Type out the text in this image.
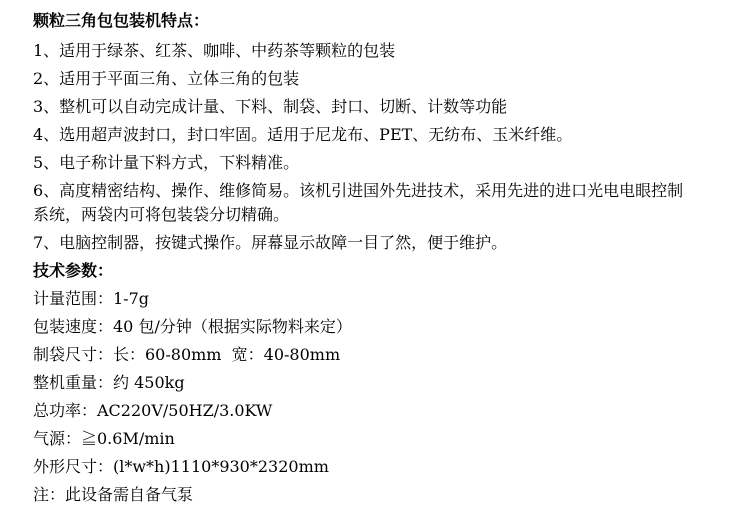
颗粒三角包包装机特点：
1、适用于绿茶、红茶、咖啡、中药茶等颗粒的包装
2、适用于平面三角、立体三角的包装
3、整机可以自动完成计量、下料、制袋、封口、切断、计数等功能
4、选用超声波封口，封口牢固。适用于尼龙布、PET、无纺布、玉米纤维。
5、电子称计量下料方式，下料精准。
6、高度精密结构、操作、维修简易。该机引进国外先进技术，采用先进的进口光电电眼控制系统，两袋内可将包装袋分切精确。
7、电脑控制器，按键式操作。屏幕显示故障一目了然，便于维护。
技术参数：
计量范围：1-7g
包装速度：40 包/分钟（根据实际物料来定）
制袋尺寸：长：60-80mm  宽：40-80mm
整机重量：约 450kg
总功率：AC220V/50HZ/3.0KW
气源：≧0.6M/min
外形尺寸：(l*w*h)1110*930*2320mm
注：此设备需自备气泵
